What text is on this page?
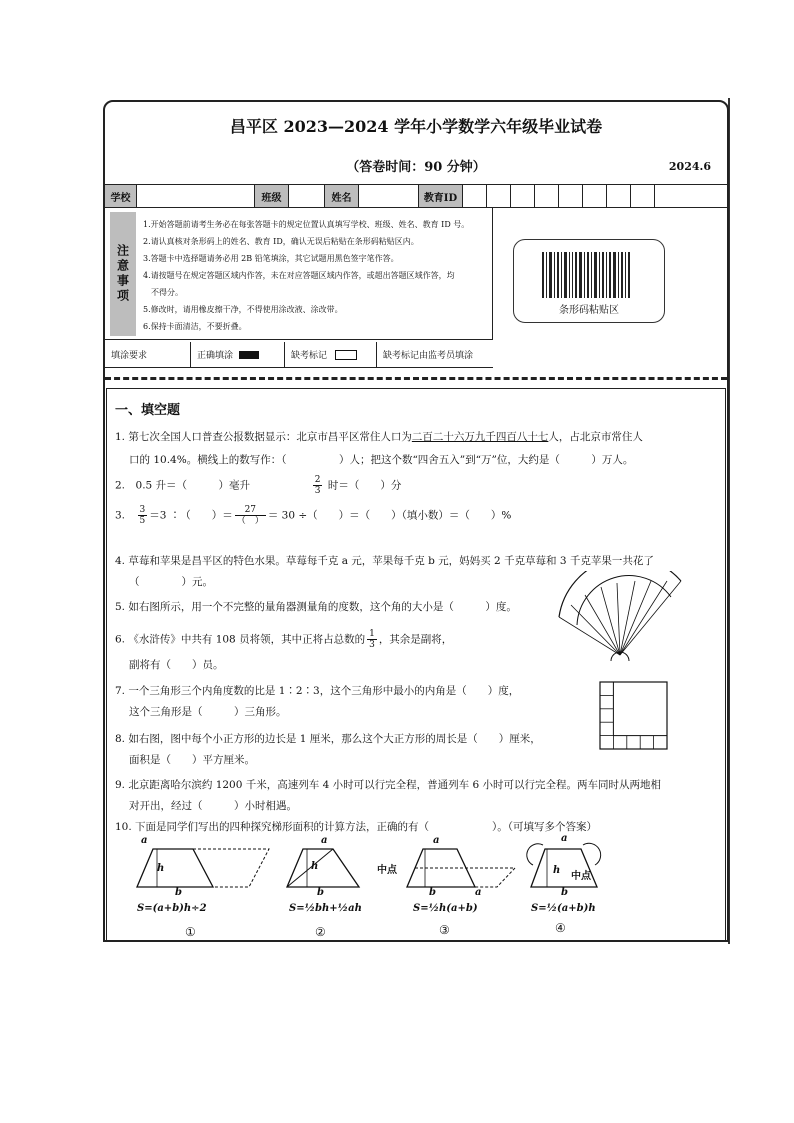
昌平区 2023—2024 学年小学数学六年级毕业试卷
（答卷时间：90 分钟）	2024.6
学校	班级	姓名	教育ID
注意事项
1.开始答题前请考生务必在每张答题卡的规定位置认真填写学校、班级、姓名、教育 ID 号。
2.请认真核对条形码上的姓名、教育 ID，确认无误后粘贴在条形码粘贴区内。
3.答题卡中选择题请务必用 2B 铅笔填涂，其它试题用黑色签字笔作答。
4.请按题号在规定答题区域内作答，未在对应答题区域内作答，或超出答题区域作答，均
　不得分。
5.修改时，请用橡皮擦干净，不得使用涂改液、涂改带。
6.保持卡面清洁，不要折叠。
条形码粘贴区
填涂要求	正确填涂	缺考标记	缺考标记由监考员填涂
一、填空题
1. 第七次全国人口普查公报数据显示：北京市昌平区常住人口为二百二十六万九千四百八十七人，占北京市常住人
口的 10.4%。横线上的数写作：（　　　　　）人；把这个数“四舍五入”到“万”位，大约是（　　　）万人。
2.　0.5 升＝（　　　）毫升	$\frac{2}{3}$ 时＝（　　）分
3.　 $\frac{3}{5} =3$ ∶（　　）＝ $\frac{27}{( )} = 30$ ÷（　　）＝（　　）（填小数）＝（　　）%
4. 草莓和苹果是昌平区的特色水果。草莓每千克 a 元，苹果每千克 b 元，妈妈买 2 千克草莓和 3 千克苹果一共花了
（　　　　）元。
5. 如右图所示，用一个不完整的量角器测量角的度数，这个角的大小是（　　　）度。
6. 《水浒传》中共有 108 员将领，其中正将占总数的 $\frac{1}{3}$ ，其余是副将，
副将有（　　）员。
7. 一个三角形三个内角度数的比是 1∶2∶3，这个三角形中最小的内角是（　　）度，
这个三角形是（　　　）三角形。
8. 如右图，图中每个小正方形的边长是 1 厘米，那么这个大正方形的周长是（　　）厘米，
面积是（　　）平方厘米。
9. 北京距离哈尔滨约 1200 千米，高速列车 4 小时可以行完全程，普通列车 6 小时可以行完全程。两车同时从两地相
对开出，经过（　　　）小时相遇。
10. 下面是同学们写出的四种探究梯形面积的计算方法，正确的有（　　　　　　）。（可填写多个答案）
a
h
b
a
h
b
中点
a
b	a
a
h
中点
b
S=(a+b)h÷2	S=½bh+½ah	S=½h(a+b)	S=½(a+b)h
①	②	③	④
